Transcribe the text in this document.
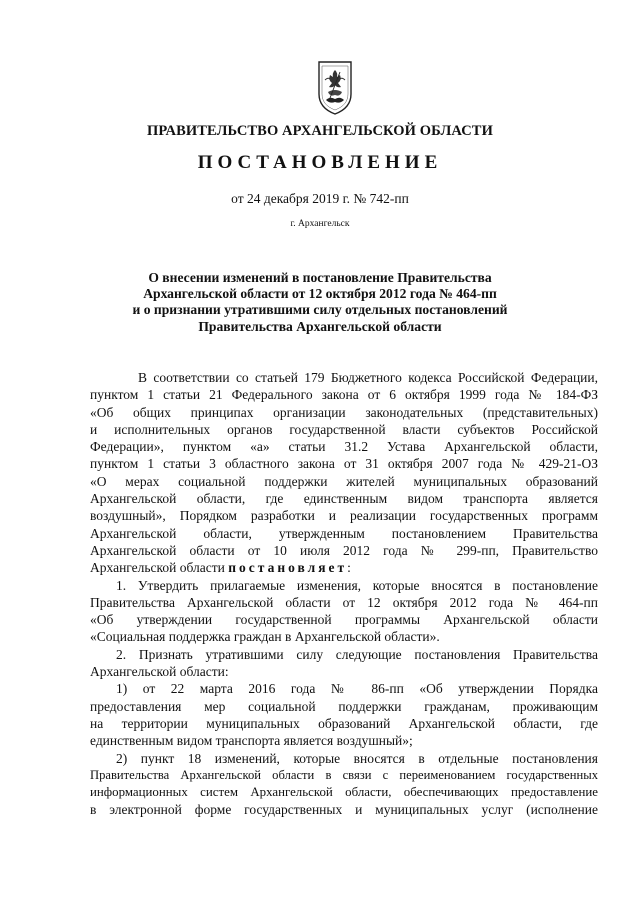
ПРАВИТЕЛЬСТВО АРХАНГЕЛЬСКОЙ ОБЛАСТИ
ПОСТАНОВЛЕНИЕ
от 24 декабря 2019 г. № 742-пп
г. Архангельск
О внесении изменений в постановление Правительства
Архангельской области от 12 октября 2012 года № 464-пп
и о признании утратившими силу отдельных постановлений
Правительства Архангельской области
В соответствии со статьей 179 Бюджетного кодекса Российской Федерации,
пунктом 1 статьи 21 Федерального закона от 6 октября 1999 года № 184-ФЗ
«Об общих принципах организации законодательных (представительных)
и исполнительных органов государственной власти субъектов Российской
Федерации», пунктом «а» статьи 31.2 Устава Архангельской области,
пунктом 1 статьи 3 областного закона от 31 октября 2007 года № 429-21-ОЗ
«О мерах социальной поддержки жителей муниципальных образований
Архангельской области, где единственным видом транспорта является
воздушный», Порядком разработки и реализации государственных программ
Архангельской области, утвержденным постановлением Правительства
Архангельской области от 10 июля 2012 года № 299-пп, Правительство
Архангельской области постановляет:
1. Утвердить прилагаемые изменения, которые вносятся в постановление
Правительства Архангельской области от 12 октября 2012 года № 464-пп
«Об утверждении государственной программы Архангельской области
«Социальная поддержка граждан в Архангельской области».
2. Признать утратившими силу следующие постановления Правительства
Архангельской области:
1) от 22 марта 2016 года № 86-пп «Об утверждении Порядка
предоставления мер социальной поддержки гражданам, проживающим
на территории муниципальных образований Архангельской области, где
единственным видом транспорта является воздушный»;
2) пункт 18 изменений, которые вносятся в отдельные постановления
Правительства Архангельской области в связи с переименованием государственных
информационных систем Архангельской области, обеспечивающих предоставление
в электронной форме государственных и муниципальных услуг (исполнение
